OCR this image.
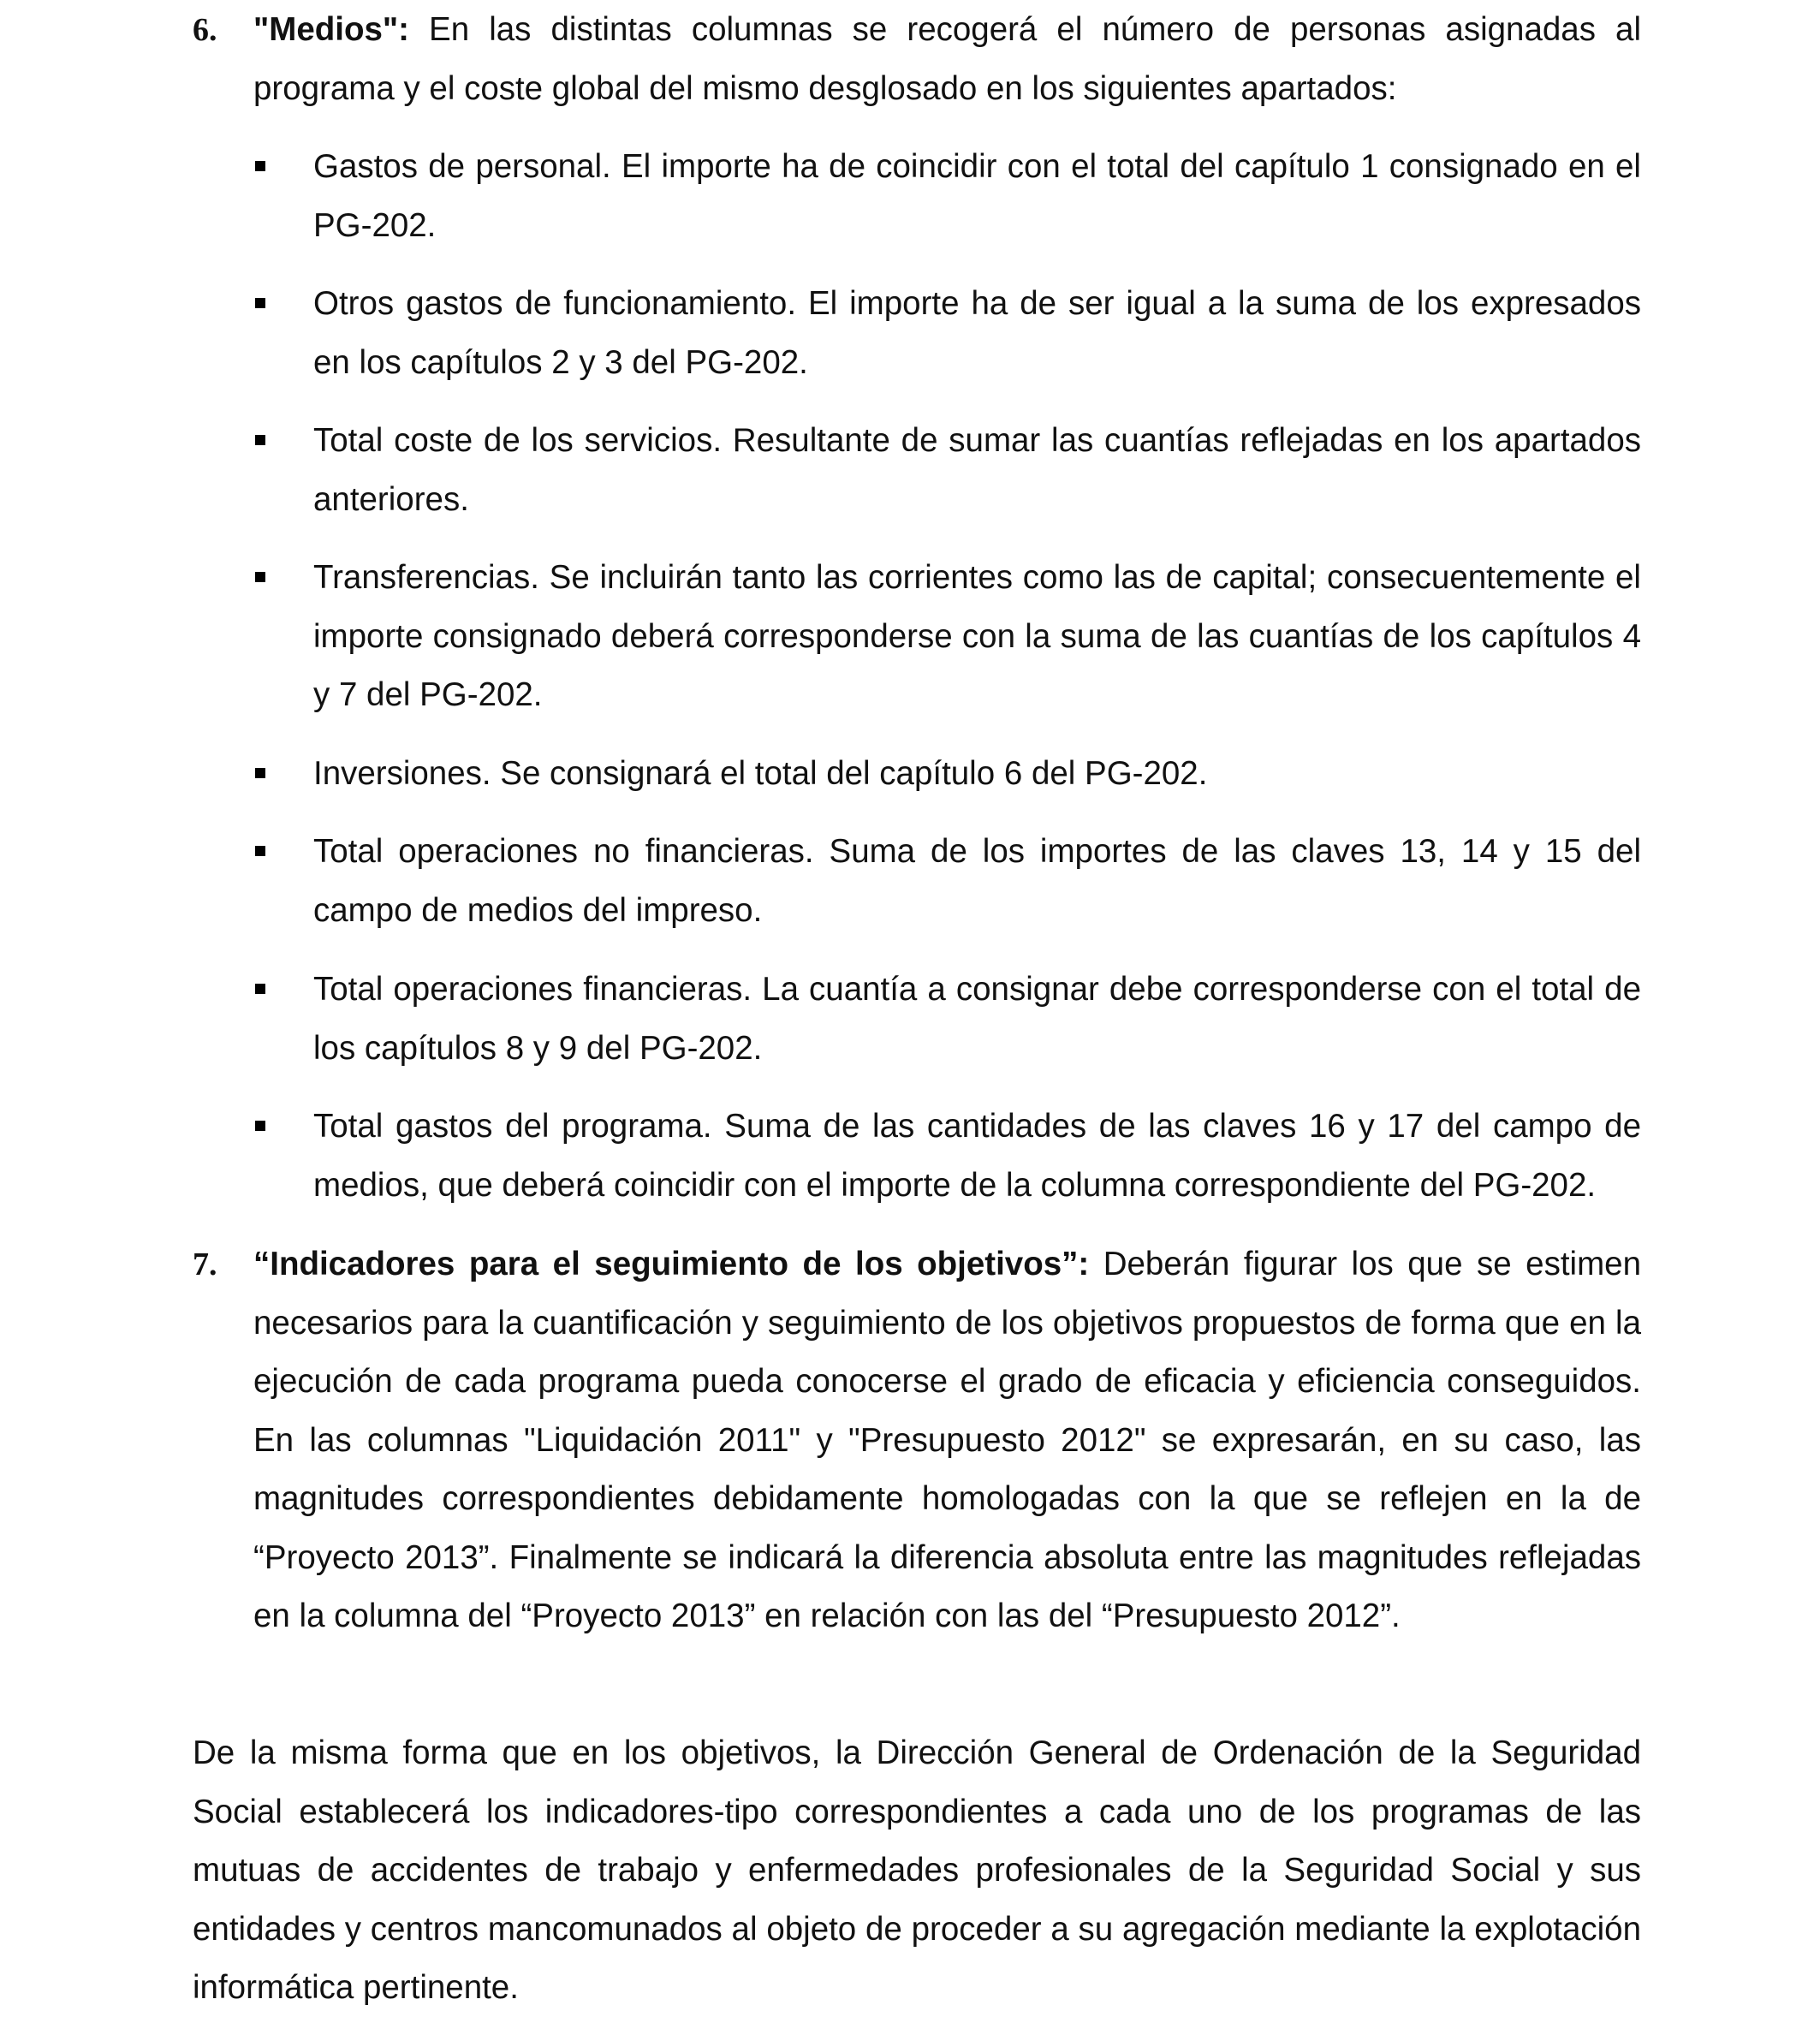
6. "Medios": En las distintas columnas se recogerá el número de personas asignadas al programa y el coste global del mismo desglosado en los siguientes apartados:

Gastos de personal. El importe ha de coincidir con el total del capítulo 1 consignado en el PG-202.

Otros gastos de funcionamiento. El importe ha de ser igual a la suma de los expresados en los capítulos 2 y 3 del PG-202.

Total coste de los servicios. Resultante de sumar las cuantías reflejadas en los apartados anteriores.

Transferencias. Se incluirán tanto las corrientes como las de capital; consecuentemente el importe consignado deberá corresponderse con la suma de las cuantías de los capítulos 4 y 7 del PG-202.

Inversiones. Se consignará el total del capítulo 6 del PG-202.

Total operaciones no financieras. Suma de los importes de las claves 13, 14 y 15 del campo de medios del impreso.

Total operaciones financieras. La cuantía a consignar debe corresponderse con el total de los capítulos 8 y 9 del PG-202.

Total gastos del programa. Suma de las cantidades de las claves 16 y 17 del campo de medios, que deberá coincidir con el importe de la columna correspondiente del PG-202.

7. “Indicadores para el seguimiento de los objetivos”: Deberán figurar los que se estimen necesarios para la cuantificación y seguimiento de los objetivos propuestos de forma que en la ejecución de cada programa pueda conocerse el grado de eficacia y eficiencia conseguidos. En las columnas "Liquidación 2011" y "Presupuesto 2012" se expresarán, en su caso, las magnitudes correspondientes debidamente homologadas con la que se reflejen en la de “Proyecto 2013”. Finalmente se indicará la diferencia absoluta entre las magnitudes reflejadas en la columna del “Proyecto 2013” en relación con las del “Presupuesto 2012”.

De la misma forma que en los objetivos, la Dirección General de Ordenación de la Seguridad Social establecerá los indicadores-tipo correspondientes a cada uno de los programas de las mutuas de accidentes de trabajo y enfermedades profesionales de la Seguridad Social y sus entidades y centros mancomunados al objeto de proceder a su agregación mediante la explotación informática pertinente.
